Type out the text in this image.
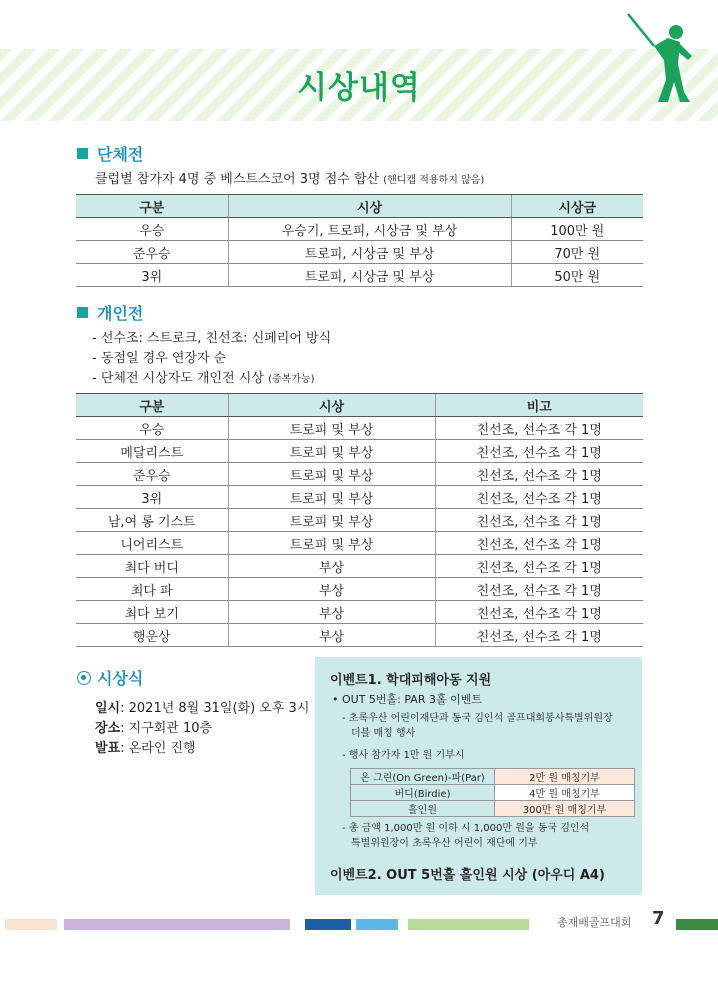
시상내역
단체전
클럽별 참가자 4명 중 베스트스코어 3명 점수 합산 (핸디캡 적용하지 않음)
구분	시상	시상금
우승	우승기, 트로피, 시상금 및 부상	100만 원
준우승	트로피, 시상금 및 부상	70만 원
3위	트로피, 시상금 및 부상	50만 원
개인전
- 선수조: 스트로크, 친선조: 신페리어 방식
- 동점일 경우 연장자 순
- 단체전 시상자도 개인전 시상 (중복가능)
구분	시상	비고
우승	트로피 및 부상	친선조, 선수조 각 1명
메달리스트	트로피 및 부상	친선조, 선수조 각 1명
준우승	트로피 및 부상	친선조, 선수조 각 1명
3위	트로피 및 부상	친선조, 선수조 각 1명
남,여 롱 기스트	트로피 및 부상	친선조, 선수조 각 1명
니어리스트	트로피 및 부상	친선조, 선수조 각 1명
최다 버디	부상	친선조, 선수조 각 1명
최다 파	부상	친선조, 선수조 각 1명
최다 보기	부상	친선조, 선수조 각 1명
행운상	부상	친선조, 선수조 각 1명
시상식
일시: 2021년 8월 31일(화) 오후 3시
장소: 지구회관 10층
발표: 온라인 진행
이벤트1. 학대피해아동 지원
• OUT 5번홀: PAR 3홀 이벤트
- 초록우산 어린이재단과 동국 김인석 골프대회봉사특별위원장
더블 매칭 행사
- 행사 참가자 1만 원 기부시
온 그린(On Green)-파(Par)	2만 원 매칭기부
버디(Birdie)	4만 원 매칭기부
홀인원	300만 원 매칭기부
- 총 금액 1,000만 원 이하 시 1,000만 원을 동국 김인석
특별위원장이 초록우산 어린이 재단에 기부
이벤트2. OUT 5번홀 홀인원 시상 (아우디 A4)
총재배골프대회 7
